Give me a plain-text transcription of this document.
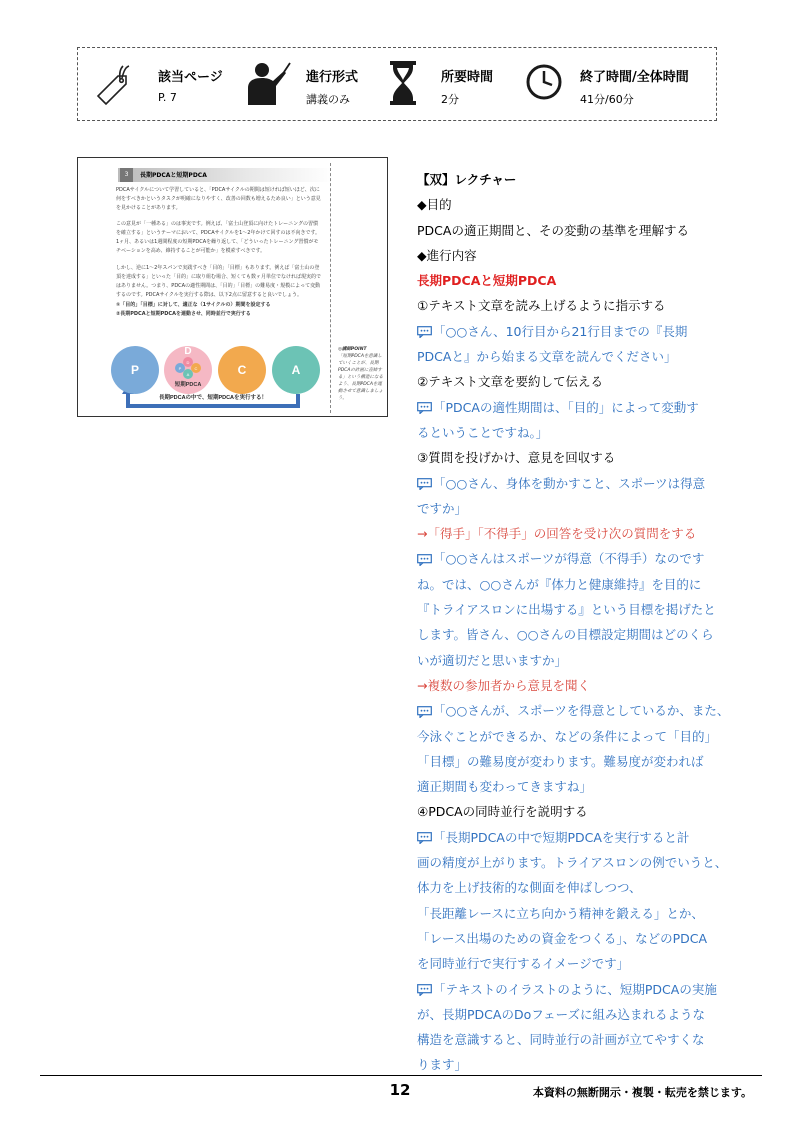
該当ページ
P. 7
進行形式
講義のみ
所要時間
2分
終了時間/全体時間
41分/60分
3	長期PDCAと短期PDCA
PDCAサイクルについて学習していると、「PDCAサイクルの期間は短ければ短いほど、次に何をすべきかというタスクが明確になりやすく、改善の回数も増えるため良い」という意見を見かけることがあります。
この意見が「一種ある」のは事実です。例えば、「富士山登頂に向けたトレーニングの習慣を確立する」というテーマにおいて、PDCAサイクルを1～2年かけて回すのは不向きです。1ヶ月、あるいは1週間程度の短期PDCAを繰り返して、「どういったトレーニング習慣がモチベーションを高め、維持することが可能か」を模索すべきです。
しかし、逆に1～2年スパンで実践すべき「目的」「目標」もあります。例えば「富士山の登頂を達成する」といった「目的」に取り組む場合、短くても数ヶ月単位でなければ現実的ではありません。つまり、PDCAの適性期間は、「目的」「目標」の難易度・規模によって変動するのです。PDCAサイクルを実行する際は、以下2点に留意すると良いでしょう。
①「目的」「目標」に対して、適正な（1サイクルの）期間を設定する
②長期PDCAと短期PDCAを連動させ、同時並行で実行する
P
D
C	A
P
D
C
A
短期PDCA
長期PDCAの中で、短期PDCAを実行する！
◎講師POINT
「短期PDCAを意識していくことが、長期PDCAの計画に直結する」という構造になるよう、長期PDCAを連動させて意識しましょう。
【双】レクチャー
◆目的
PDCAの適正期間と、その変動の基準を理解する
◆進行内容
長期PDCAと短期PDCA
①テキスト文章を読み上げるように指示する
「○○さん、10行目から21行目までの『長期
PDCAと』から始まる文章を読んでください」
②テキスト文章を要約して伝える
「PDCAの適性期間は、「目的」によって変動す
るということですね。」
③質問を投げかけ、意見を回収する
「○○さん、身体を動かすこと、スポーツは得意
ですか」
→「得手」「不得手」の回答を受け次の質問をする
「○○さんはスポーツが得意（不得手）なのです
ね。では、○○さんが『体力と健康維持』を目的に
『トライアスロンに出場する』という目標を掲げたと
します。皆さん、○○さんの目標設定期間はどのくら
いが適切だと思いますか」
→複数の参加者から意見を聞く
「○○さんが、スポーツを得意としているか、また、
今泳ぐことができるか、などの条件によって「目的」
「目標」の難易度が変わります。難易度が変われば
適正期間も変わってきますね」
④PDCAの同時並行を説明する
「長期PDCAの中で短期PDCAを実行すると計
画の精度が上がります。トライアスロンの例でいうと、
体力を上げ技術的な側面を伸ばしつつ、
「長距離レースに立ち向かう精神を鍛える」とか、
「レース出場のための資金をつくる」、などのPDCA
を同時並行で実行するイメージです」
「テキストのイラストのように、短期PDCAの実施
が、長期PDCAのDoフェーズに組み込まれるような
構造を意識すると、同時並行の計画が立てやすくな
ります」
12	本資料の無断開示・複製・転売を禁じます。
